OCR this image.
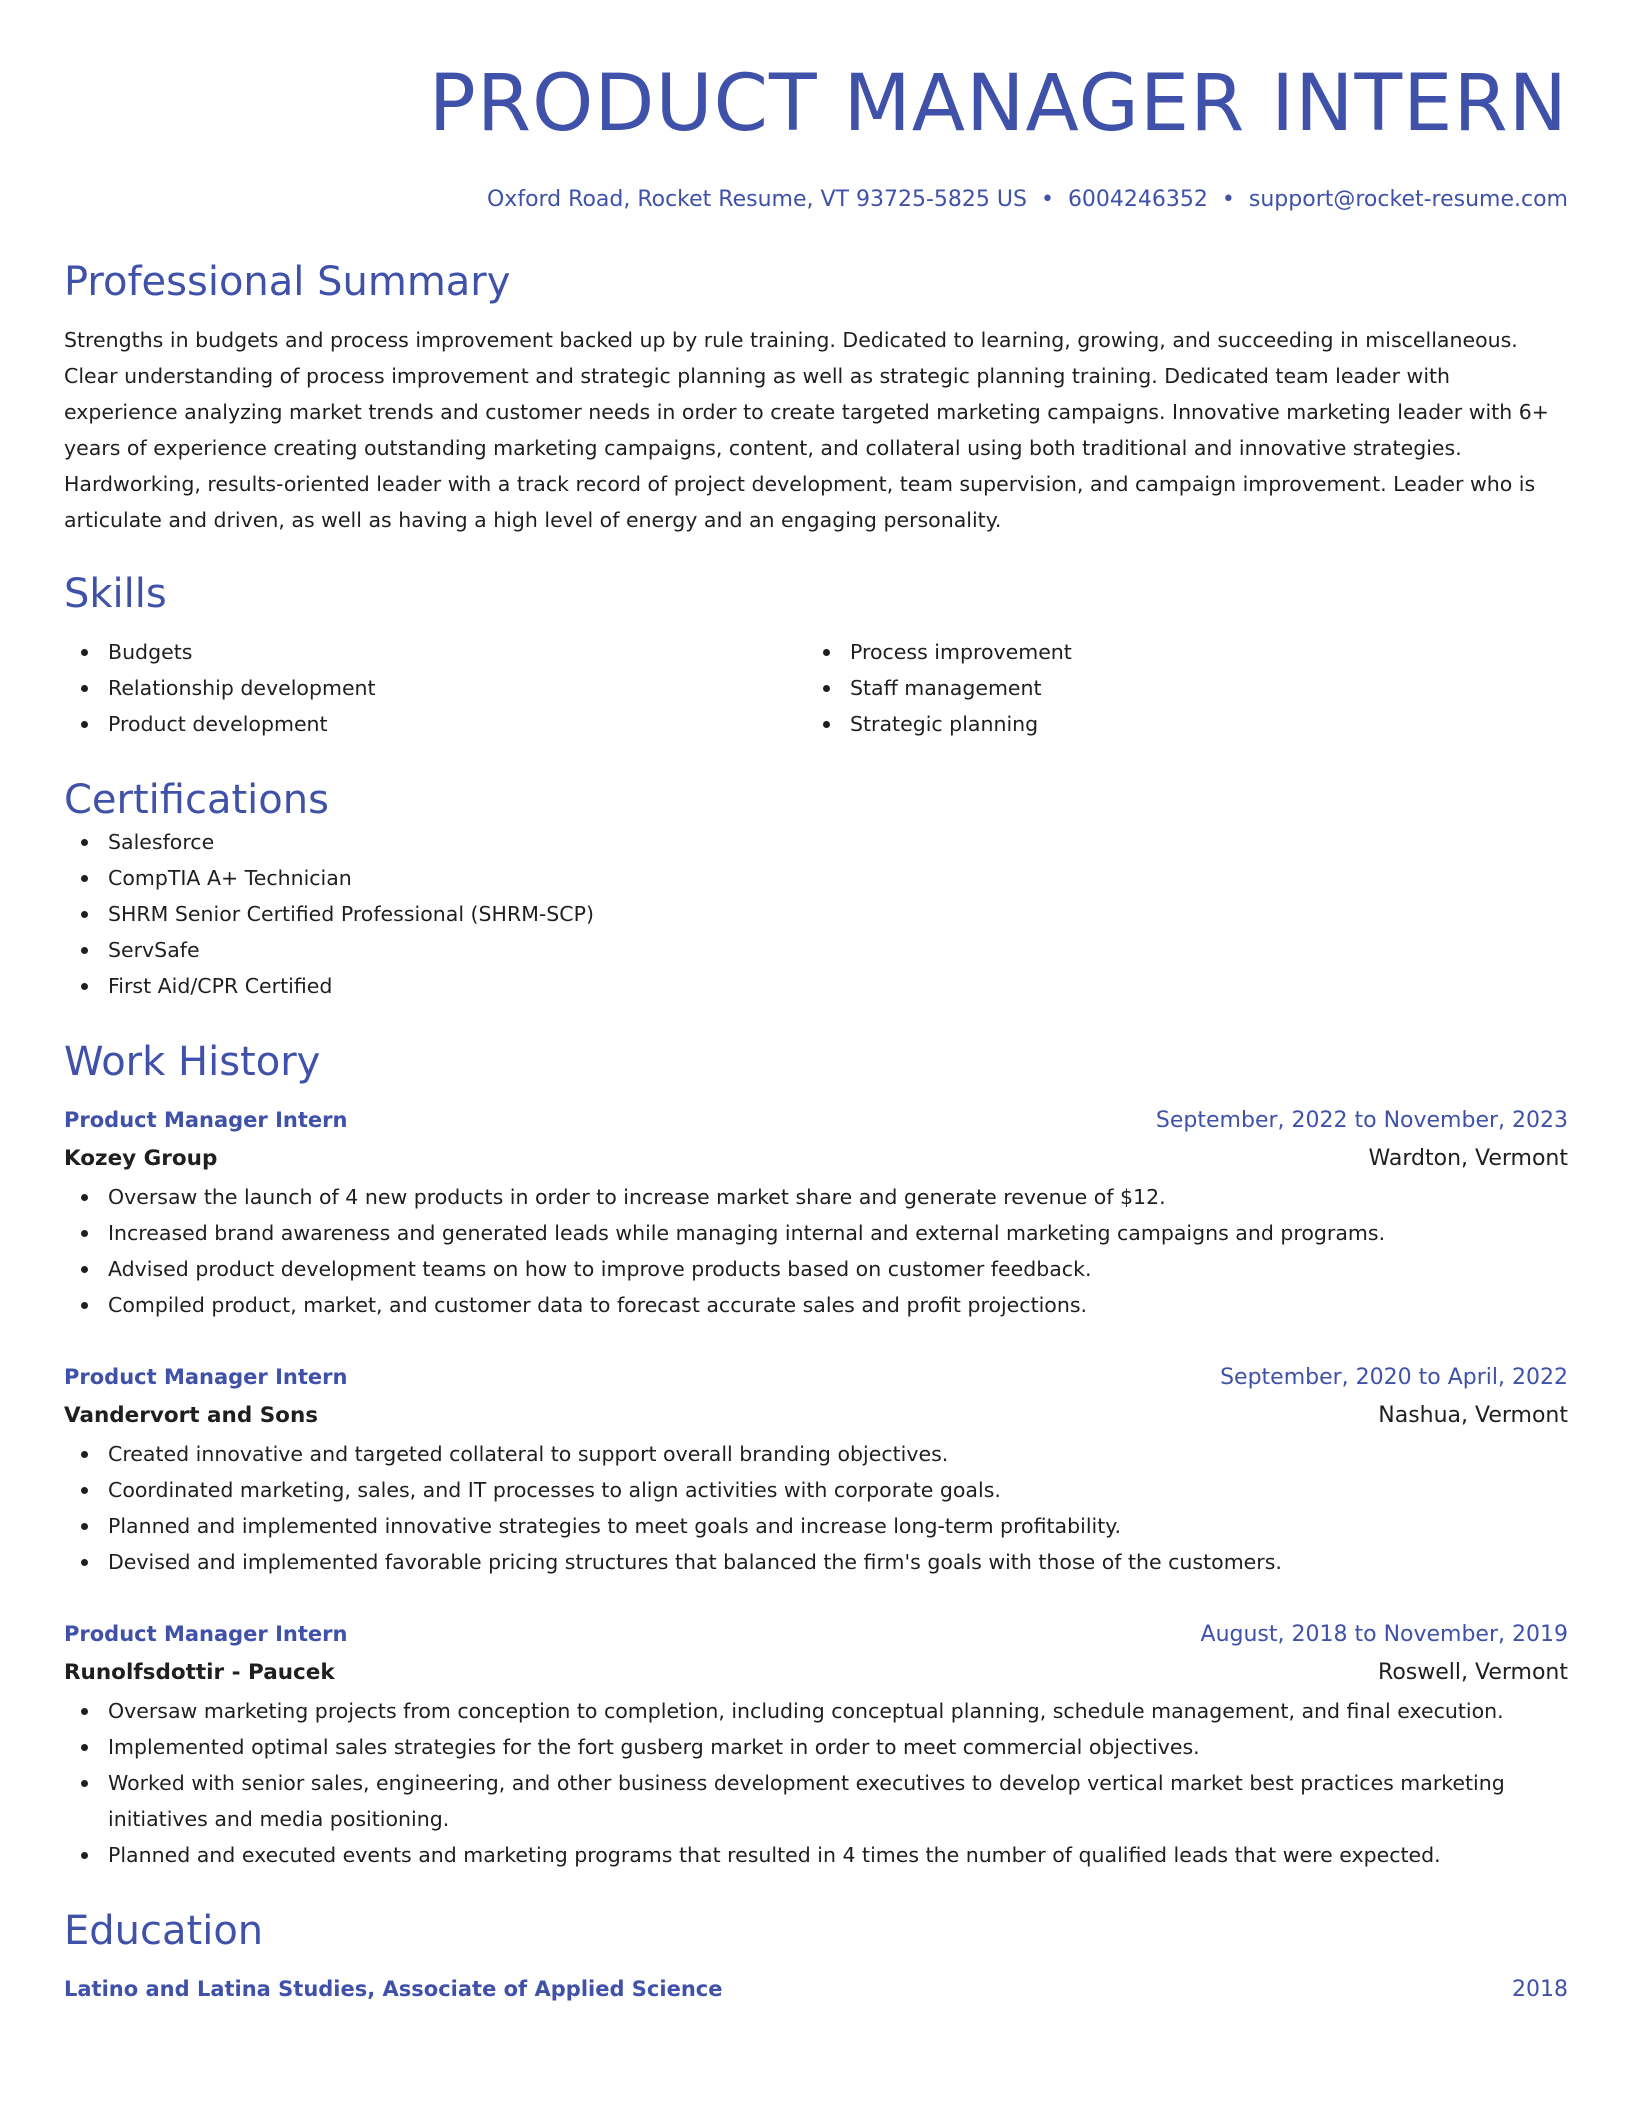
PRODUCT MANAGER INTERN
Oxford Road, Rocket Resume, VT 93725-5825 US • 6004246352 • support@rocket-resume.com
Professional Summary
Strengths in budgets and process improvement backed up by rule training. Dedicated to learning, growing, and succeeding in miscellaneous. Clear understanding of process improvement and strategic planning as well as strategic planning training. Dedicated team leader with experience analyzing market trends and customer needs in order to create targeted marketing campaigns. Innovative marketing leader with 6+ years of experience creating outstanding marketing campaigns, content, and collateral using both traditional and innovative strategies. Hardworking, results-oriented leader with a track record of project development, team supervision, and campaign improvement. Leader who is articulate and driven, as well as having a high level of energy and an engaging personality.
Skills
Budgets
Relationship development
Product development
Process improvement
Staff management
Strategic planning
Certifications
Salesforce
CompTIA A+ Technician
SHRM Senior Certified Professional (SHRM-SCP)
ServSafe
First Aid/CPR Certified
Work History
Product Manager Intern	September, 2022 to November, 2023
Kozey Group	Wardton, Vermont
Oversaw the launch of 4 new products in order to increase market share and generate revenue of $12.
Increased brand awareness and generated leads while managing internal and external marketing campaigns and programs.
Advised product development teams on how to improve products based on customer feedback.
Compiled product, market, and customer data to forecast accurate sales and profit projections.
Product Manager Intern	September, 2020 to April, 2022
Vandervort and Sons	Nashua, Vermont
Created innovative and targeted collateral to support overall branding objectives.
Coordinated marketing, sales, and IT processes to align activities with corporate goals.
Planned and implemented innovative strategies to meet goals and increase long-term profitability.
Devised and implemented favorable pricing structures that balanced the firm's goals with those of the customers.
Product Manager Intern	August, 2018 to November, 2019
Runolfsdottir - Paucek	Roswell, Vermont
Oversaw marketing projects from conception to completion, including conceptual planning, schedule management, and final execution.
Implemented optimal sales strategies for the fort gusberg market in order to meet commercial objectives.
Worked with senior sales, engineering, and other business development executives to develop vertical market best practices marketing initiatives and media positioning.
Planned and executed events and marketing programs that resulted in 4 times the number of qualified leads that were expected.
Education
Latino and Latina Studies, Associate of Applied Science	2018
